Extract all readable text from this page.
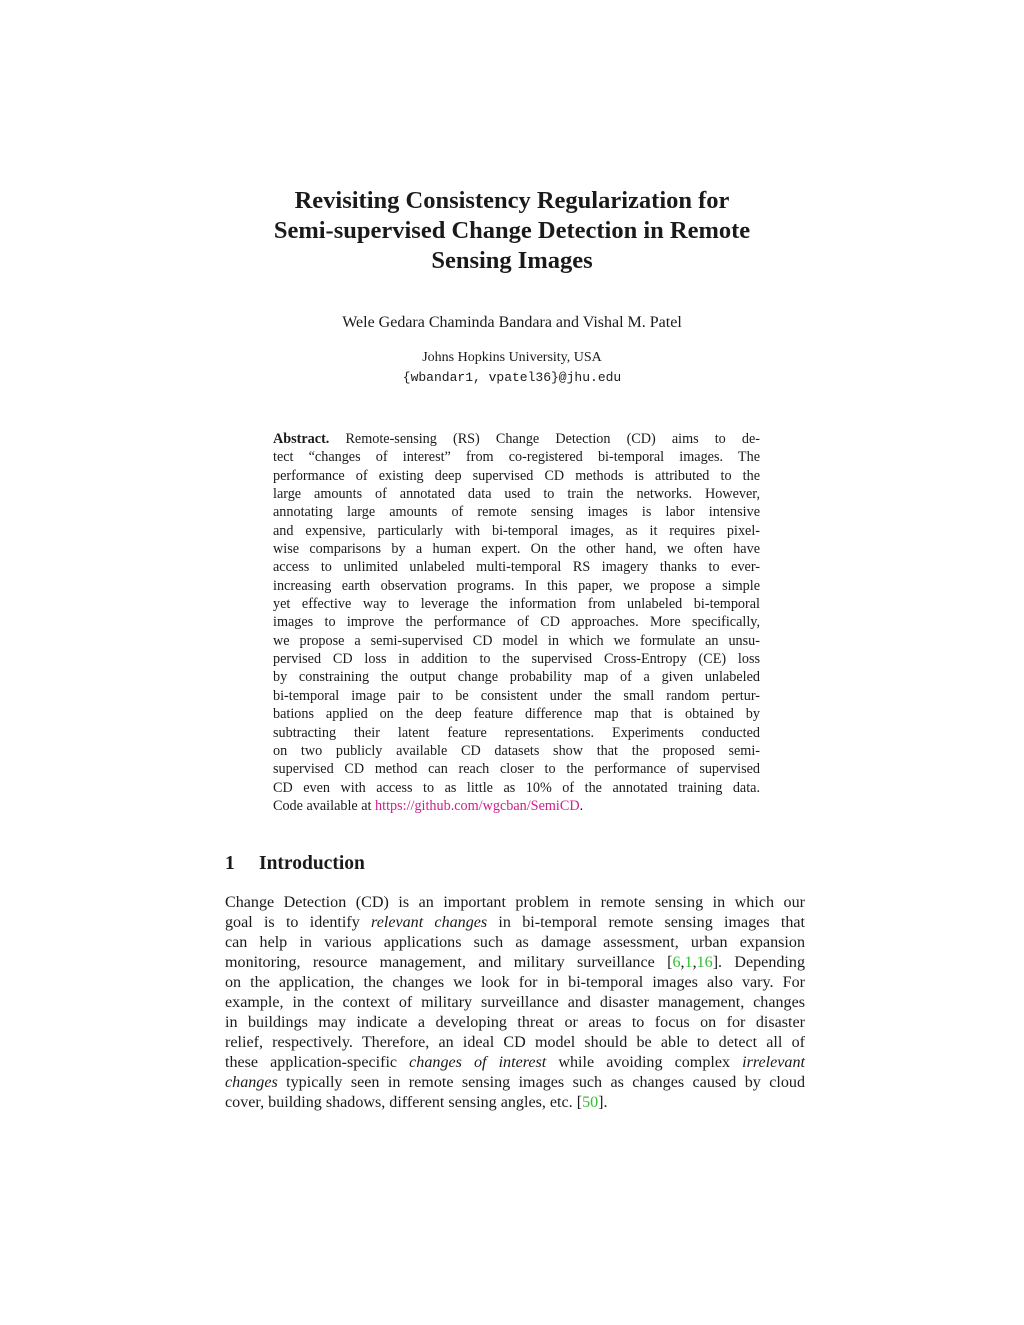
Revisiting Consistency Regularization for
Semi-supervised Change Detection in Remote
Sensing Images
Wele Gedara Chaminda Bandara and Vishal M. Patel
Johns Hopkins University, USA
{wbandar1, vpatel36}@jhu.edu
Abstract. Remote-sensing (RS) Change Detection (CD) aims to de-
tect “changes of interest” from co-registered bi-temporal images. The
performance of existing deep supervised CD methods is attributed to the
large amounts of annotated data used to train the networks. However,
annotating large amounts of remote sensing images is labor intensive
and expensive, particularly with bi-temporal images, as it requires pixel-
wise comparisons by a human expert. On the other hand, we often have
access to unlimited unlabeled multi-temporal RS imagery thanks to ever-
increasing earth observation programs. In this paper, we propose a simple
yet effective way to leverage the information from unlabeled bi-temporal
images to improve the performance of CD approaches. More specifically,
we propose a semi-supervised CD model in which we formulate an unsu-
pervised CD loss in addition to the supervised Cross-Entropy (CE) loss
by constraining the output change probability map of a given unlabeled
bi-temporal image pair to be consistent under the small random pertur-
bations applied on the deep feature difference map that is obtained by
subtracting their latent feature representations. Experiments conducted
on two publicly available CD datasets show that the proposed semi-
supervised CD method can reach closer to the performance of supervised
CD even with access to as little as 10% of the annotated training data.
Code available at https://github.com/wgcban/SemiCD.
1 Introduction
Change Detection (CD) is an important problem in remote sensing in which our
goal is to identify relevant changes in bi-temporal remote sensing images that
can help in various applications such as damage assessment, urban expansion
monitoring, resource management, and military surveillance [6,1,16]. Depending
on the application, the changes we look for in bi-temporal images also vary. For
example, in the context of military surveillance and disaster management, changes
in buildings may indicate a developing threat or areas to focus on for disaster
relief, respectively. Therefore, an ideal CD model should be able to detect all of
these application-specific changes of interest while avoiding complex irrelevant
changes typically seen in remote sensing images such as changes caused by cloud
cover, building shadows, different sensing angles, etc. [50].
